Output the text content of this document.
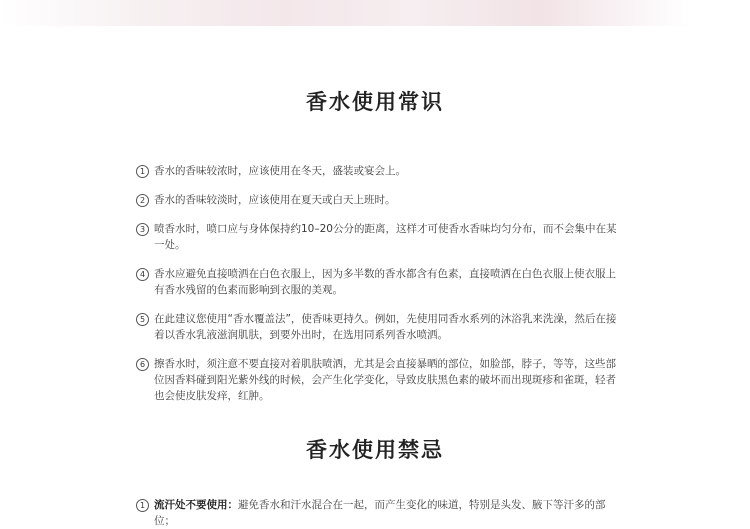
香水使用常识
1 香水的香味较浓时，应该使用在冬天，盛装或宴会上。
2 香水的香味较淡时，应该使用在夏天或白天上班时。
3 喷香水时，喷口应与身体保持约10–20公分的距离，这样才可使香水香味均匀分布，而不会集中在某一处。
4 香水应避免直接喷洒在白色衣服上，因为多半数的香水都含有色素，直接喷洒在白色衣服上使衣服上有香水残留的色素而影响到衣服的美观。
5 在此建议您使用“香水覆盖法”，使香味更持久。例如，先使用同香水系列的沐浴乳来洗澡，然后在接着以香水乳液滋润肌肤，到要外出时，在选用同系列香水喷洒。
6 擦香水时，须注意不要直接对着肌肤喷洒，尤其是会直接暴晒的部位，如脸部，脖子，等等，这些部位因香料碰到阳光紫外线的时候，会产生化学变化，导致皮肤黑色素的破坏而出现斑疹和雀斑，轻者也会使皮肤发痒，红肿。
香水使用禁忌
1 流汗处不要使用：避免香水和汗水混合在一起，而产生变化的味道，特别是头发、腋下等汗多的部位；
